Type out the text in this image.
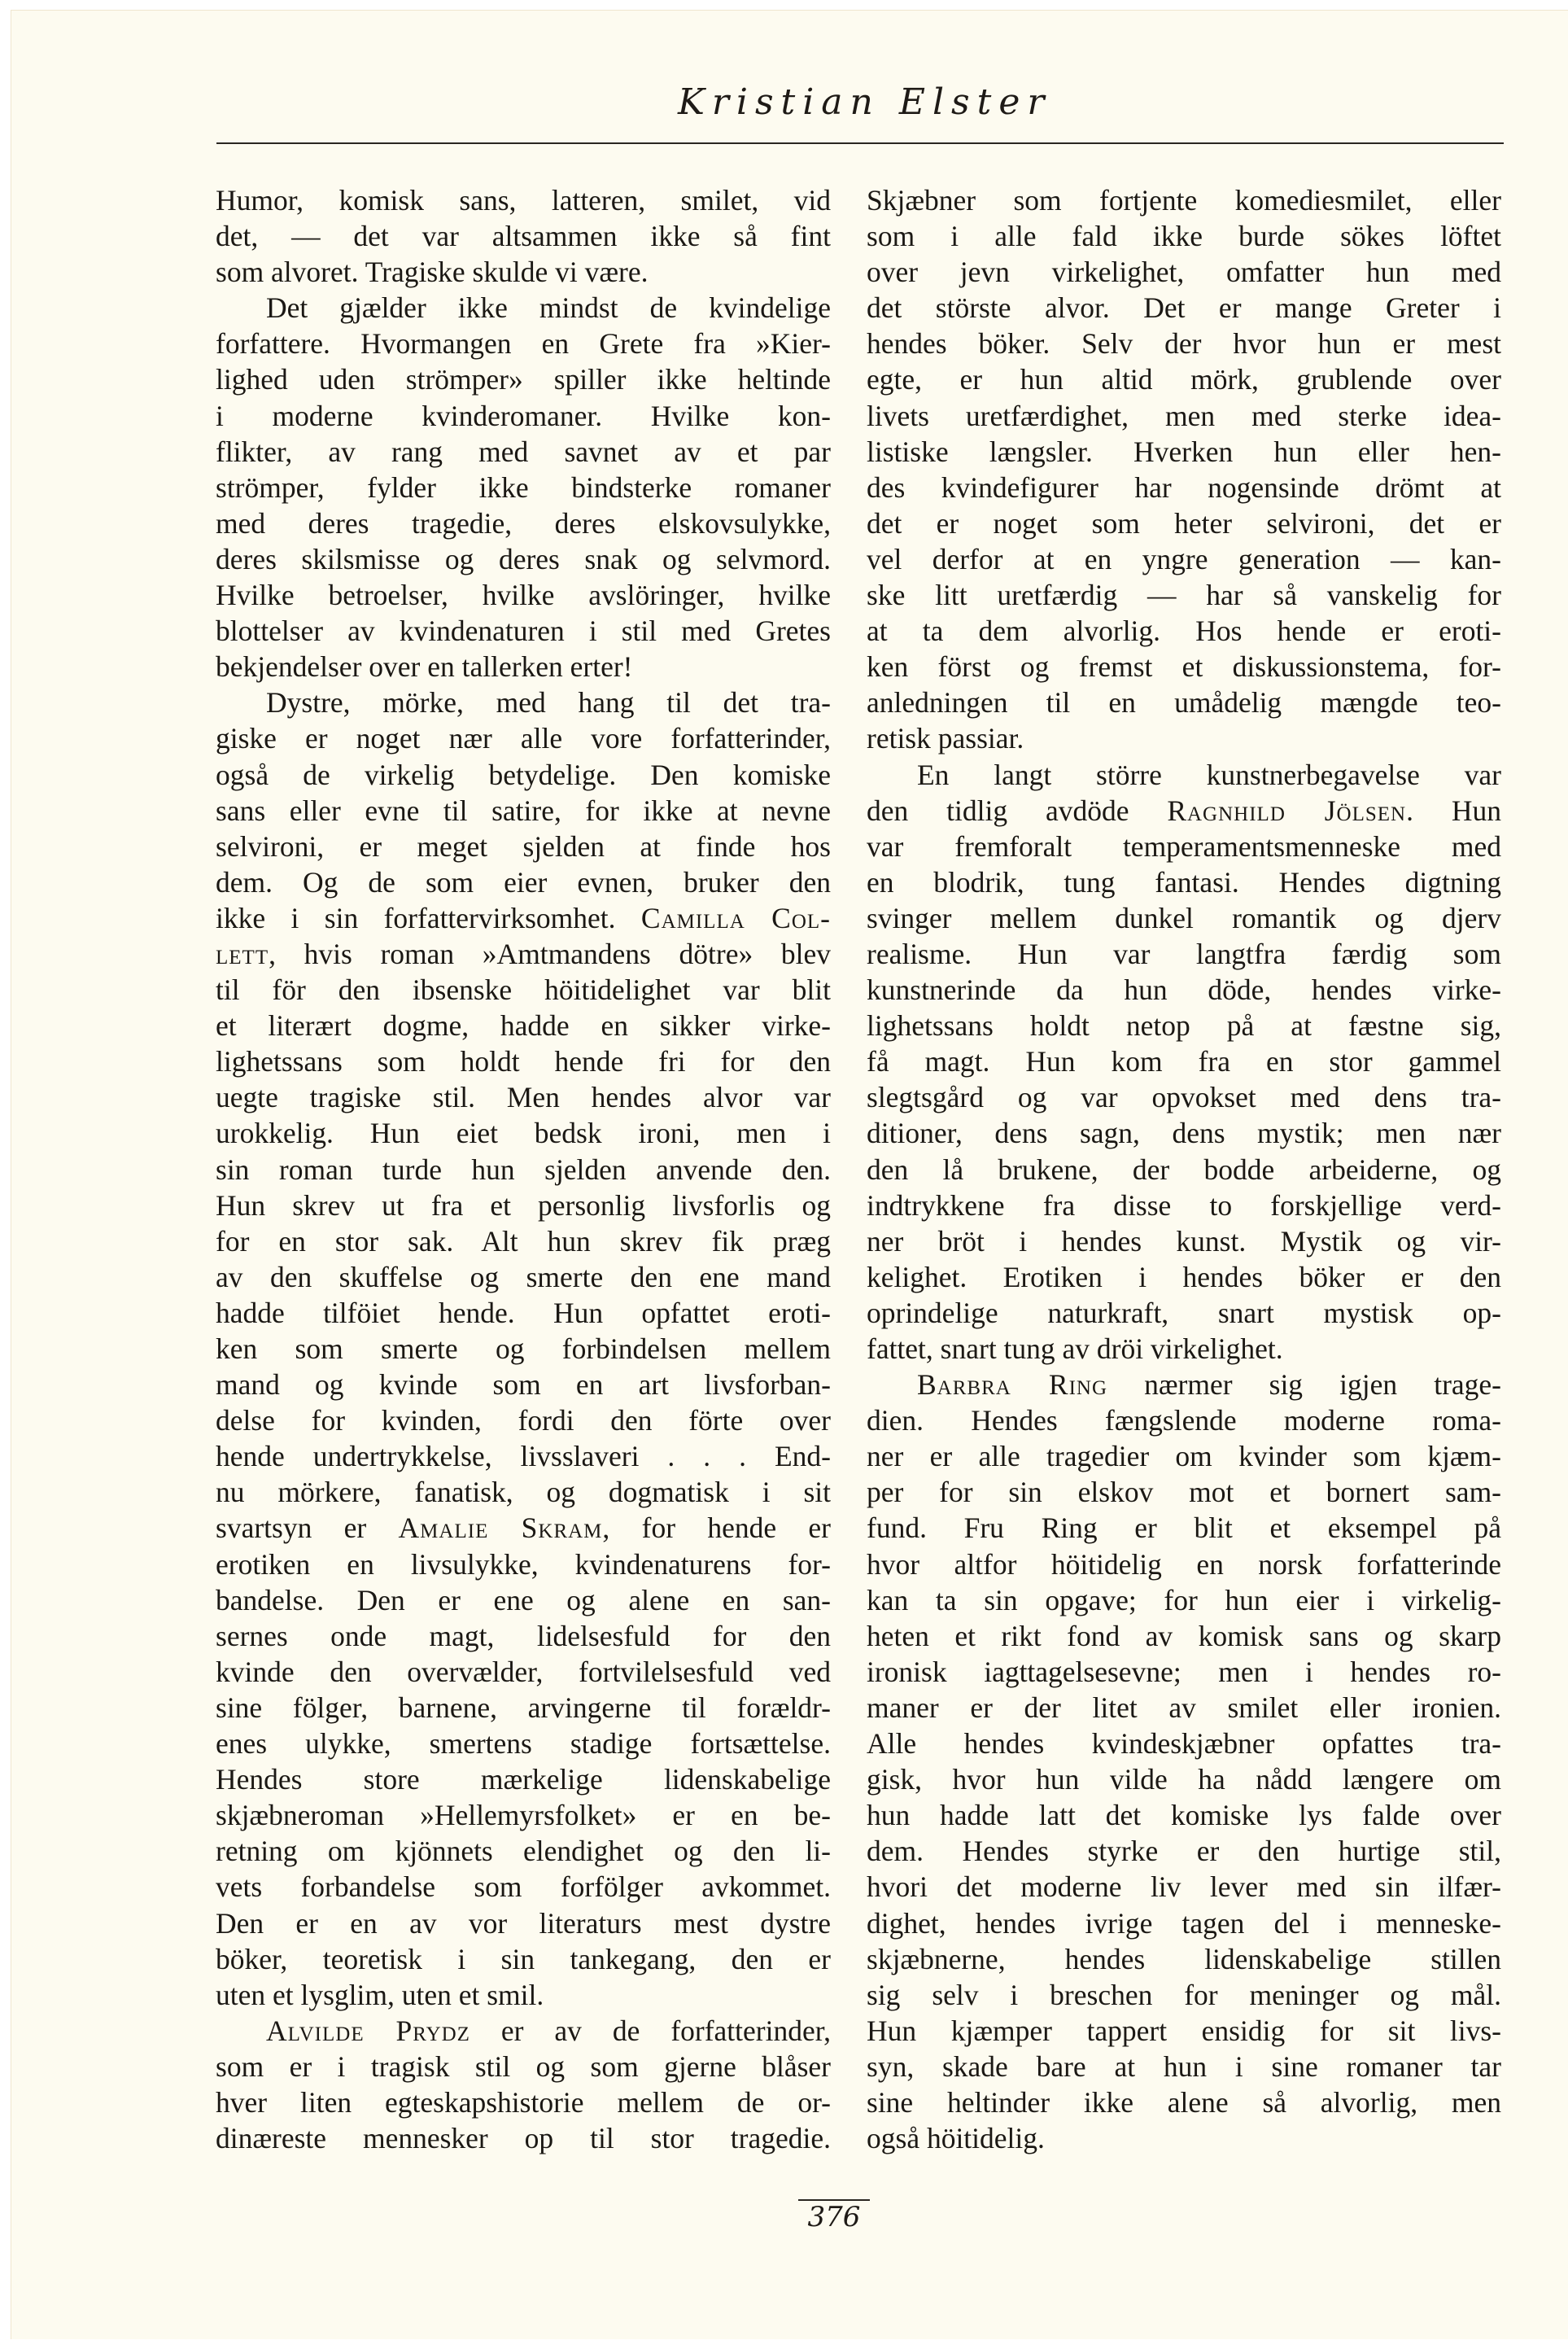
Kristian Elster
Humor, komisk sans, latteren, smilet, vid
det, — det var altsammen ikke så fint
som alvoret. Tragiske skulde vi være.
Det gjælder ikke mindst de kvindelige
forfattere. Hvormangen en Grete fra »Kier-
lighed uden strömper» spiller ikke heltinde
i moderne kvinderomaner. Hvilke kon-
flikter, av rang med savnet av et par
strömper, fylder ikke bindsterke romaner
med deres tragedie, deres elskovsulykke,
deres skilsmisse og deres snak og selvmord.
Hvilke betroelser, hvilke avslöringer, hvilke
blottelser av kvindenaturen i stil med Gretes
bekjendelser over en tallerken erter!
Dystre, mörke, med hang til det tra-
giske er noget nær alle vore forfatterinder,
også de virkelig betydelige. Den komiske
sans eller evne til satire, for ikke at nevne
selvironi, er meget sjelden at finde hos
dem. Og de som eier evnen, bruker den
ikke i sin forfattervirksomhet. Camilla Col-
lett, hvis roman »Amtmandens dötre» blev
til för den ibsenske höitidelighet var blit
et literært dogme, hadde en sikker virke-
lighetssans som holdt hende fri for den
uegte tragiske stil. Men hendes alvor var
urokkelig. Hun eiet bedsk ironi, men i
sin roman turde hun sjelden anvende den.
Hun skrev ut fra et personlig livsforlis og
for en stor sak. Alt hun skrev fik præg
av den skuffelse og smerte den ene mand
hadde tilföiet hende. Hun opfattet eroti-
ken som smerte og forbindelsen mellem
mand og kvinde som en art livsforban-
delse for kvinden, fordi den förte over
hende undertrykkelse, livsslaveri . . . End-
nu mörkere, fanatisk, og dogmatisk i sit
svartsyn er Amalie Skram, for hende er
erotiken en livsulykke, kvindenaturens for-
bandelse. Den er ene og alene en san-
sernes onde magt, lidelsesfuld for den
kvinde den overvælder, fortvilelsesfuld ved
sine fölger, barnene, arvingerne til forældr-
enes ulykke, smertens stadige fortsættelse.
Hendes store mærkelige lidenskabelige
skjæbneroman »Hellemyrsfolket» er en be-
retning om kjönnets elendighet og den li-
vets forbandelse som forfölger avkommet.
Den er en av vor literaturs mest dystre
böker, teoretisk i sin tankegang, den er
uten et lysglim, uten et smil.
Alvilde Prydz er av de forfatterinder,
som er i tragisk stil og som gjerne blåser
hver liten egteskapshistorie mellem de or-
dinæreste mennesker op til stor tragedie.
Skjæbner som fortjente komediesmilet, eller
som i alle fald ikke burde sökes löftet
over jevn virkelighet, omfatter hun med
det störste alvor. Det er mange Greter i
hendes böker. Selv der hvor hun er mest
egte, er hun altid mörk, grublende over
livets uretfærdighet, men med sterke idea-
listiske længsler. Hverken hun eller hen-
des kvindefigurer har nogensinde drömt at
det er noget som heter selvironi, det er
vel derfor at en yngre generation — kan-
ske litt uretfærdig — har så vanskelig for
at ta dem alvorlig. Hos hende er eroti-
ken först og fremst et diskussionstema, for-
anledningen til en umådelig mængde teo-
retisk passiar.
En langt större kunstnerbegavelse var
den tidlig avdöde Ragnhild Jölsen. Hun
var fremforalt temperamentsmenneske med
en blodrik, tung fantasi. Hendes digtning
svinger mellem dunkel romantik og djerv
realisme. Hun var langtfra færdig som
kunstnerinde da hun döde, hendes virke-
lighetssans holdt netop på at fæstne sig,
få magt. Hun kom fra en stor gammel
slegtsgård og var opvokset med dens tra-
ditioner, dens sagn, dens mystik; men nær
den lå brukene, der bodde arbeiderne, og
indtrykkene fra disse to forskjellige verd-
ner bröt i hendes kunst. Mystik og vir-
kelighet. Erotiken i hendes böker er den
oprindelige naturkraft, snart mystisk op-
fattet, snart tung av dröi virkelighet.
Barbra Ring nærmer sig igjen trage-
dien. Hendes fængslende moderne roma-
ner er alle tragedier om kvinder som kjæm-
per for sin elskov mot et bornert sam-
fund. Fru Ring er blit et eksempel på
hvor altfor höitidelig en norsk forfatterinde
kan ta sin opgave; for hun eier i virkelig-
heten et rikt fond av komisk sans og skarp
ironisk iagttagelsesevne; men i hendes ro-
maner er der litet av smilet eller ironien.
Alle hendes kvindeskjæbner opfattes tra-
gisk, hvor hun vilde ha nådd længere om
hun hadde latt det komiske lys falde over
dem. Hendes styrke er den hurtige stil,
hvori det moderne liv lever med sin ilfær-
dighet, hendes ivrige tagen del i menneske-
skjæbnerne, hendes lidenskabelige stillen
sig selv i breschen for meninger og mål.
Hun kjæmper tappert ensidig for sit livs-
syn, skade bare at hun i sine romaner tar
sine heltinder ikke alene så alvorlig, men
også höitidelig.
376
